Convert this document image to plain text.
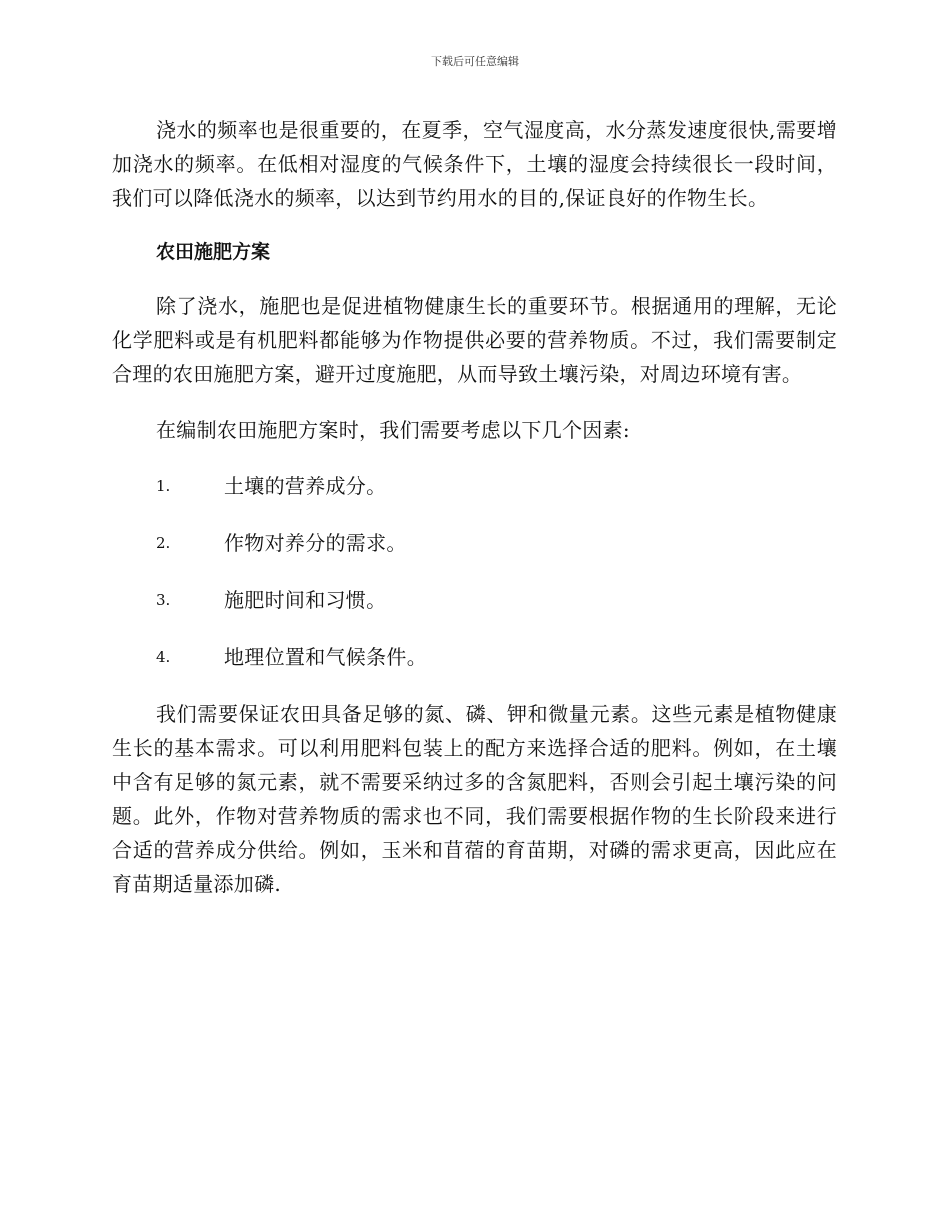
下载后可任意编辑

浇水的频率也是很重要的，在夏季，空气湿度高，水分蒸发速度很快,需要增加浇水的频率。在低相对湿度的气候条件下，土壤的湿度会持续很长一段时间，我们可以降低浇水的频率，以达到节约用水的目的,保证良好的作物生长。

农田施肥方案

除了浇水，施肥也是促进植物健康生长的重要环节。根据通用的理解，无论化学肥料或是有机肥料都能够为作物提供必要的营养物质。不过，我们需要制定合理的农田施肥方案，避开过度施肥，从而导致土壤污染，对周边环境有害。

在编制农田施肥方案时，我们需要考虑以下几个因素:

1.	土壤的营养成分。
2.	作物对养分的需求。
3.	施肥时间和习惯。
4.	地理位置和气候条件。

我们需要保证农田具备足够的氮、磷、钾和微量元素。这些元素是植物健康生长的基本需求。可以利用肥料包装上的配方来选择合适的肥料。例如，在土壤中含有足够的氮元素，就不需要采纳过多的含氮肥料，否则会引起土壤污染的问题。此外，作物对营养物质的需求也不同，我们需要根据作物的生长阶段来进行合适的营养成分供给。例如，玉米和苜蓿的育苗期，对磷的需求更高，因此应在育苗期适量添加磷.
